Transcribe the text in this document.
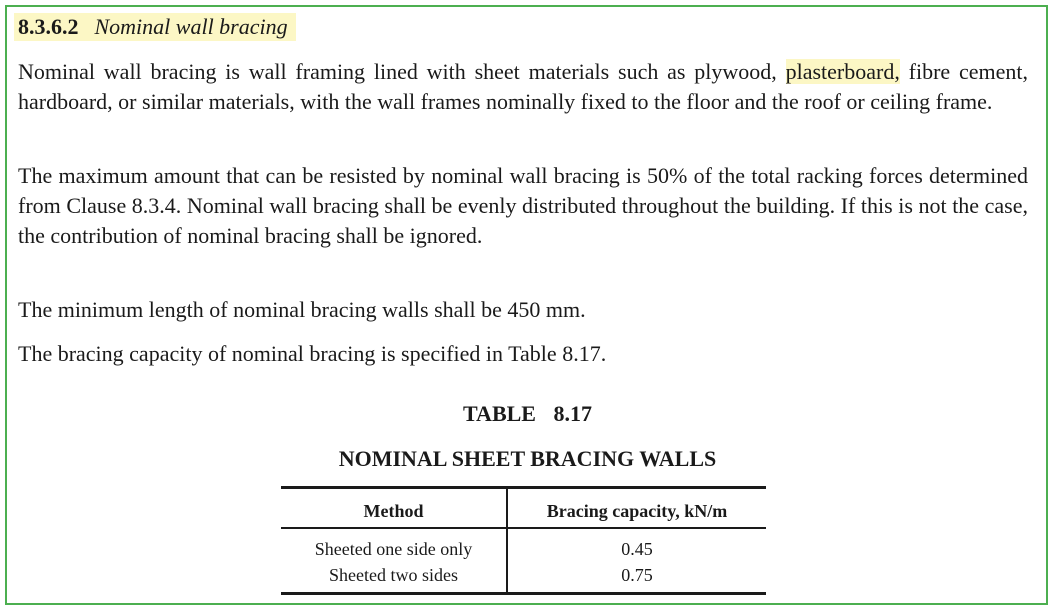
8.3.6.2 Nominal wall bracing
Nominal wall bracing is wall framing lined with sheet materials such as plywood, plasterboard, fibre cement, hardboard, or similar materials, with the wall frames nominally fixed to the floor and the roof or ceiling frame.
The maximum amount that can be resisted by nominal wall bracing is 50% of the total racking forces determined from Clause 8.3.4. Nominal wall bracing shall be evenly distributed throughout the building. If this is not the case, the contribution of nominal bracing shall be ignored.
The minimum length of nominal bracing walls shall be 450 mm.
The bracing capacity of nominal bracing is specified in Table 8.17.
TABLE 8.17
NOMINAL SHEET BRACING WALLS
Method	Bracing capacity, kN/m
Sheeted one side only	0.45
Sheeted two sides	0.75
